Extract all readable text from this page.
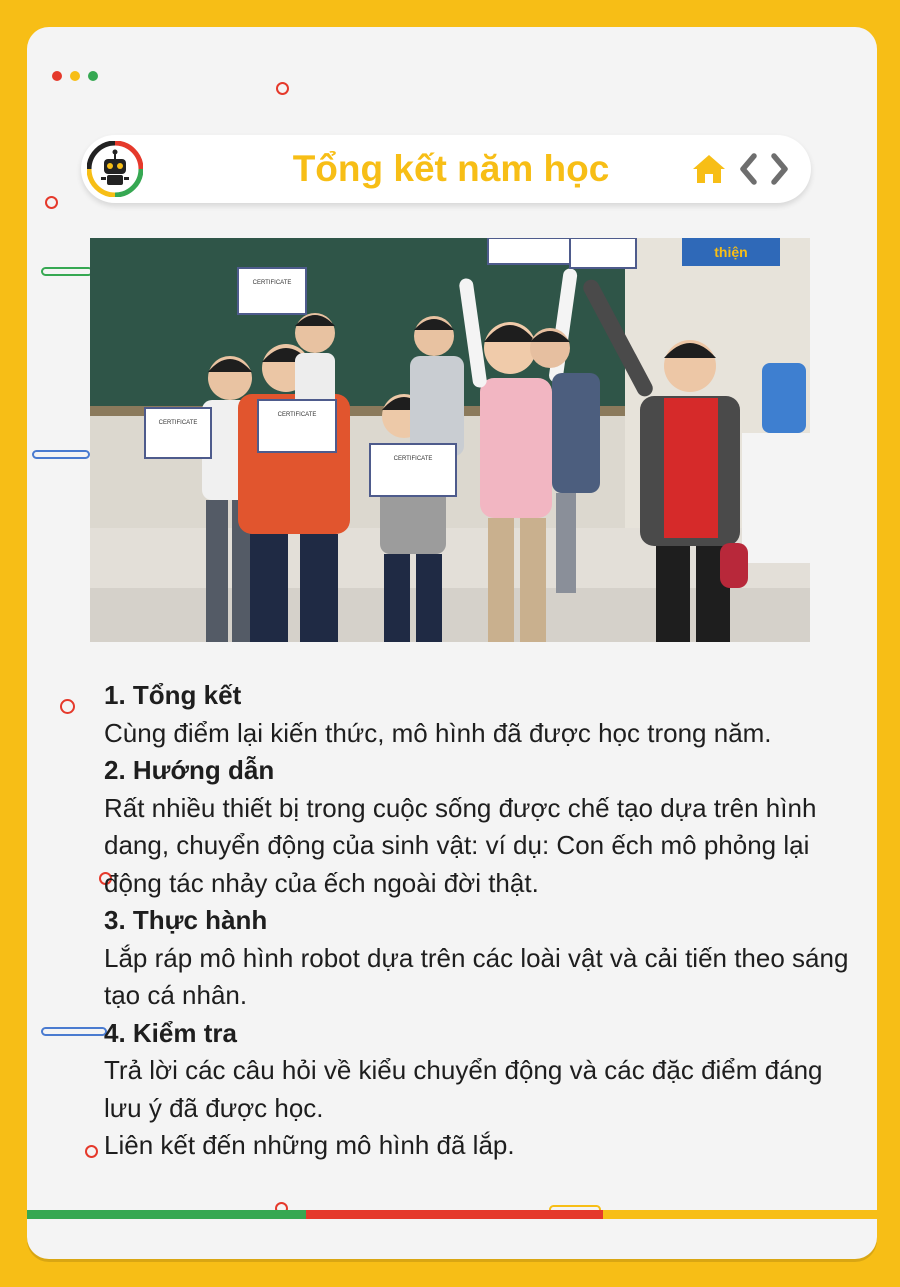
Tổng kết năm học
thiện
CERTIFICATE
CERTIFICATE
CERTIFICATE
CERTIFICATE

1. Tổng kết

Cùng điểm lại kiến thức, mô hình đã được học trong năm.

2. Hướng dẫn

Rất nhiều thiết bị trong cuộc sống được chế tạo dựa trên hình dang, chuyển động của sinh vật: ví dụ: Con ếch mô phỏng lại động tác nhảy của ếch ngoài đời thật.

3. Thực hành

Lắp ráp mô hình robot dựa trên các loài vật và cải tiến theo sáng tạo cá nhân.

4. Kiểm tra

Trả lời các câu hỏi về kiểu chuyển động và các đặc điểm đáng lưu ý đã được học.

Liên kết đến những mô hình đã lắp.
